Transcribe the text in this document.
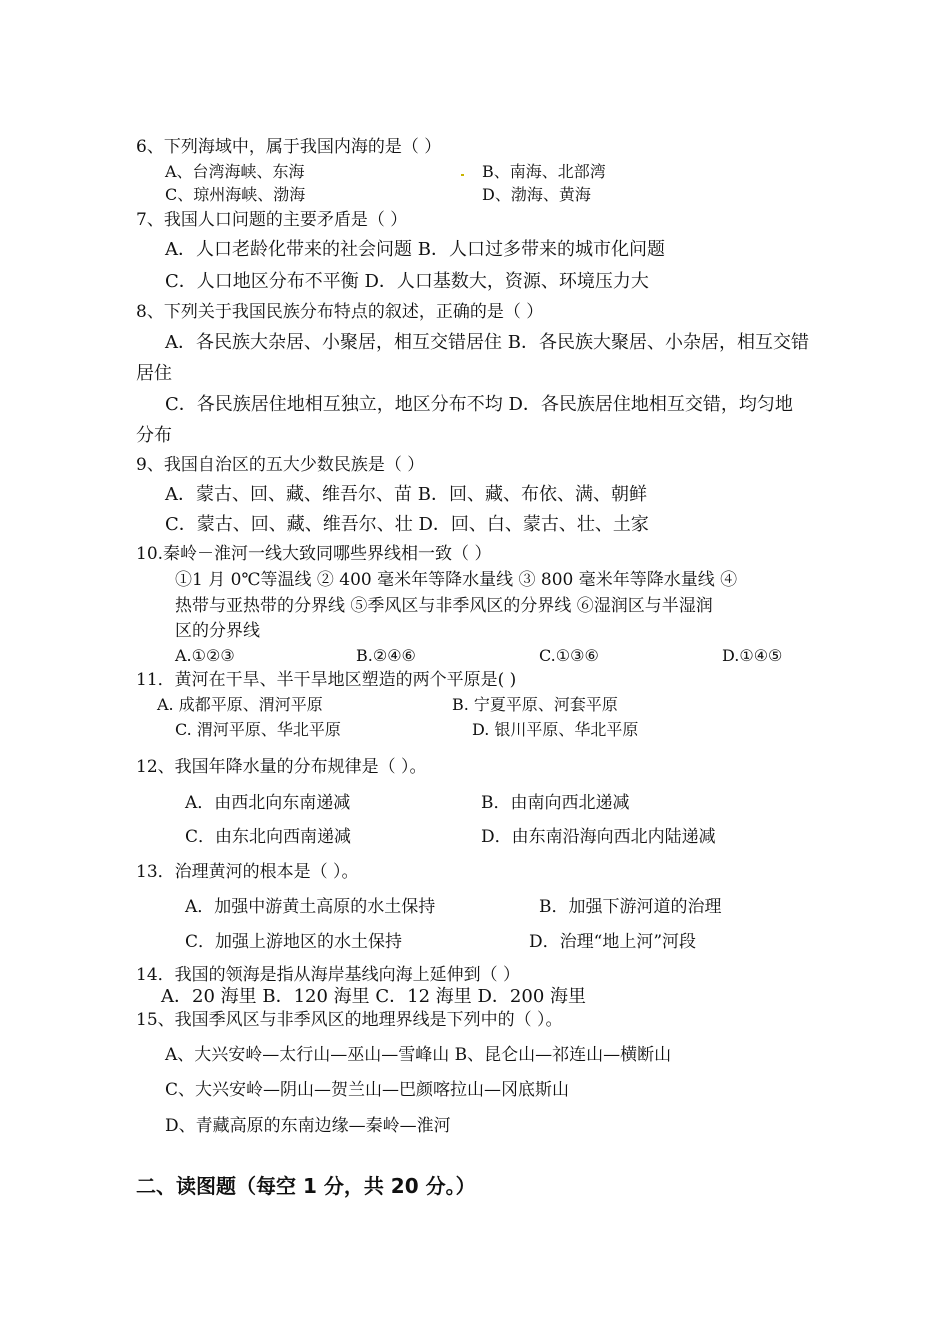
6、下列海域中，属于我国内海的是（ ）
A、台湾海峡、东海	B、南海、北部湾
C、琼州海峡、渤海	D、渤海、黄海
7、我国人口问题的主要矛盾是（ ）
A．人口老龄化带来的社会问题 B．人口过多带来的城市化问题
C．人口地区分布不平衡 D．人口基数大，资源、环境压力大
8、下列关于我国民族分布特点的叙述，正确的是（ ）
A．各民族大杂居、小聚居，相互交错居住 B．各民族大聚居、小杂居，相互交错
居住
C．各民族居住地相互独立，地区分布不均 D．各民族居住地相互交错，均匀地
分布
9、我国自治区的五大少数民族是（ ）
A．蒙古、回、藏、维吾尔、苗 B．回、藏、布依、满、朝鲜
C．蒙古、回、藏、维吾尔、壮 D．回、白、蒙古、壮、土家
10.秦岭－淮河一线大致同哪些界线相一致（ ）
①1 月 0℃等温线 ② 400 毫米年等降水量线 ③ 800 毫米年等降水量线 ④
热带与亚热带的分界线 ⑤季风区与非季风区的分界线 ⑥湿润区与半湿润
区的分界线
A.①②③	B.②④⑥	C.①③⑥	D.①④⑤
11．黄河在干旱、半干旱地区塑造的两个平原是( )
A. 成都平原、渭河平原	B. 宁夏平原、河套平原
C. 渭河平原、华北平原	D. 银川平原、华北平原
12、我国年降水量的分布规律是（ ）。
A．由西北向东南递减	B．由南向西北递减
C．由东北向西南递减	D．由东南沿海向西北内陆递减
13．治理黄河的根本是（ ）。
A．加强中游黄土高原的水土保持	B．加强下游河道的治理
C．加强上游地区的水土保持	D．治理“地上河”河段
14．我国的领海是指从海岸基线向海上延伸到（ ）
A．20 海里 B．120 海里 C．12 海里 D．200 海里
15、我国季风区与非季风区的地理界线是下列中的（ ）。
A、大兴安岭—太行山—巫山—雪峰山 B、昆仑山—祁连山—横断山
C、大兴安岭—阴山—贺兰山—巴颜喀拉山—冈底斯山
D、青藏高原的东南边缘—秦岭—淮河
二、读图题（每空 1 分，共 20 分。）
